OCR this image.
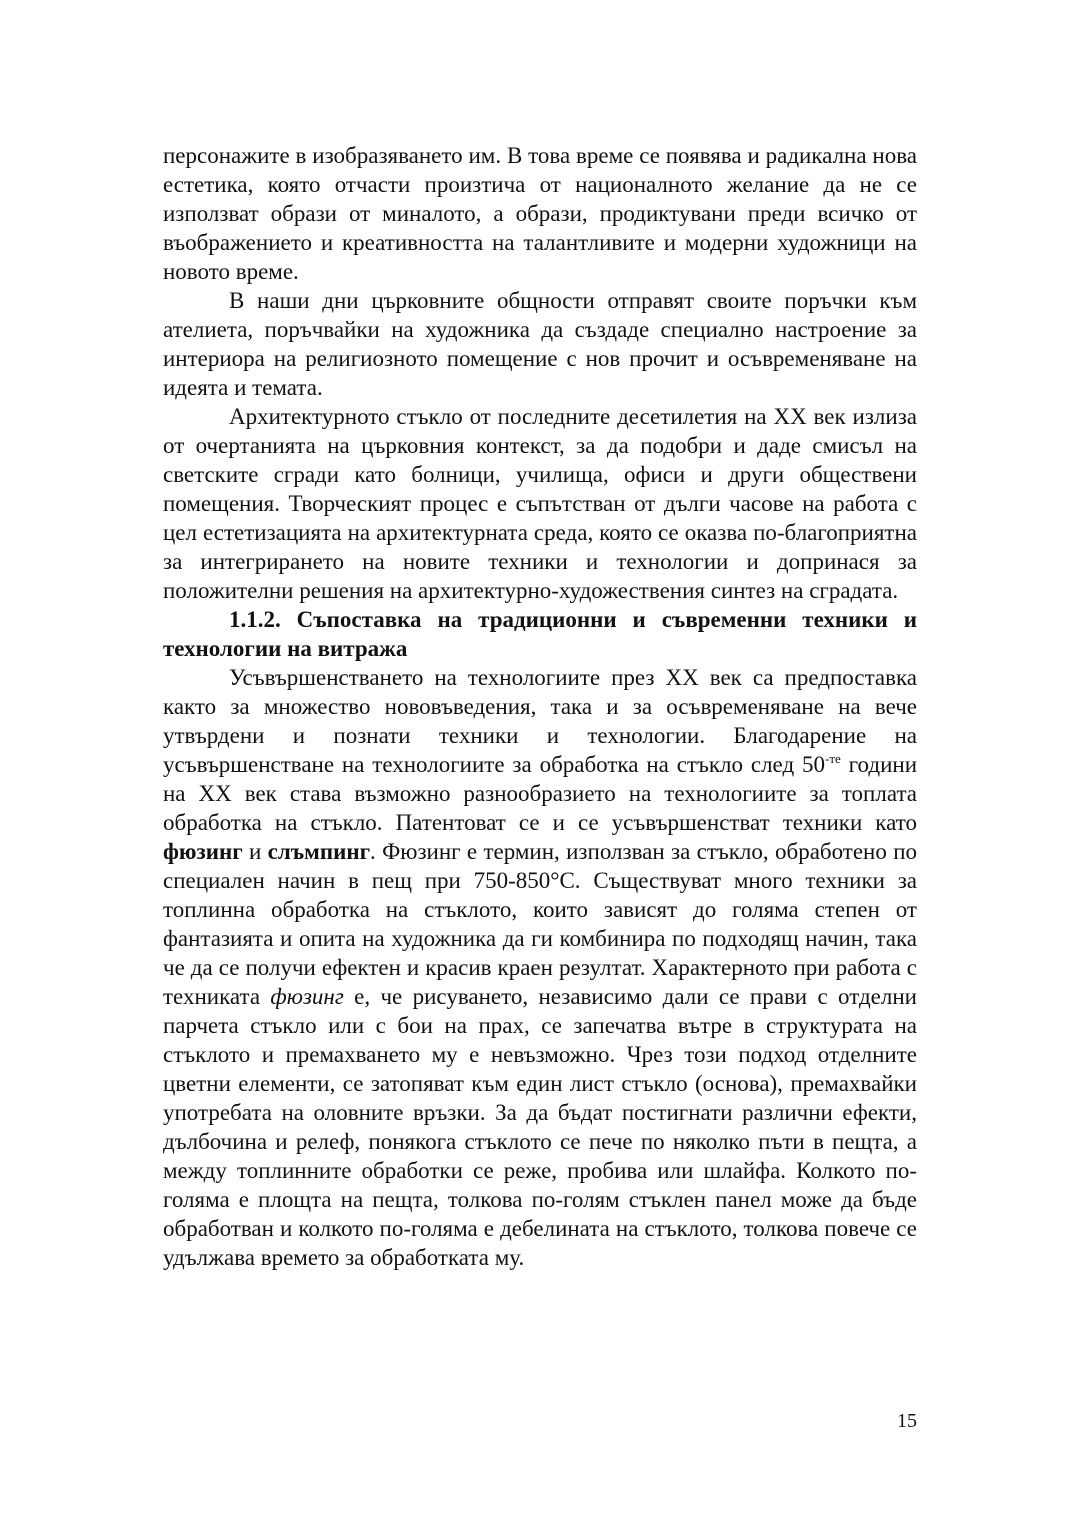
персонажите в изобразяването им. В това време се появява и радикална нова естетика, която отчасти произтича от националното желание да не се използват образи от миналото, а образи, продиктувани преди всичко от въображението и креативността на талантливите и модерни художници на новото време.

В наши дни църковните общности отправят своите поръчки към ателиета, поръчвайки на художника да създаде специално настроение за интериора на религиозното помещение с нов прочит и осъвременяване на идеята и темата.

Архитектурното стъкло от последните десетилетия на ХХ век излиза от очертанията на църковния контекст, за да подобри и даде смисъл на светските сгради като болници, училища, офиси и други обществени помещения. Творческият процес е съпътстван от дълги часове на работа с цел естетизацията на архитектурната среда, която се оказва по-благоприятна за интегрирането на новите техники и технологии и допринася за положителни решения на архитектурно-художествения синтез на сградата.

1.1.2. Съпоставка на традиционни и съвременни техники и технологии на витража

Усъвършенстването на технологиите през ХХ век са предпоставка както за множество нововъведения, така и за осъвременяване на вече утвърдени и познати техники и технологии. Благодарение на усъвършенстване на технологиите за обработка на стъкло след $50^{-те}$ години на ХХ век става възможно разнообразието на технологиите за топлата обработка на стъкло. Патентоват се и се усъвършенстват техники като фюзинг и слъмпинг. Фюзинг е термин, използван за стъкло, обработено по специален начин в пещ при 750-850°С. Съществуват много техники за топлинна обработка на стъклото, които зависят до голяма степен от фантазията и опита на художника да ги комбинира по подходящ начин, така че да се получи ефектен и красив краен резултат. Характерното при работа с техниката фюзинг е, че рисуването, независимо дали се прави с отделни парчета стъкло или с бои на прах, се запечатва вътре в структурата на стъклото и премахването му е невъзможно. Чрез този подход отделните цветни елементи, се затопяват към един лист стъкло (основа), премахвайки употребата на оловните връзки. За да бъдат постигнати различни ефекти, дълбочина и релеф, понякога стъклото се пече по няколко пъти в пещта, а между топлинните обработки се реже, пробива или шлайфа. Колкото по-голяма е площта на пещта, толкова по-голям стъклен панел може да бъде обработван и колкото по-голяма е дебелината на стъклото, толкова повече се удължава времето за обработката му.

15
